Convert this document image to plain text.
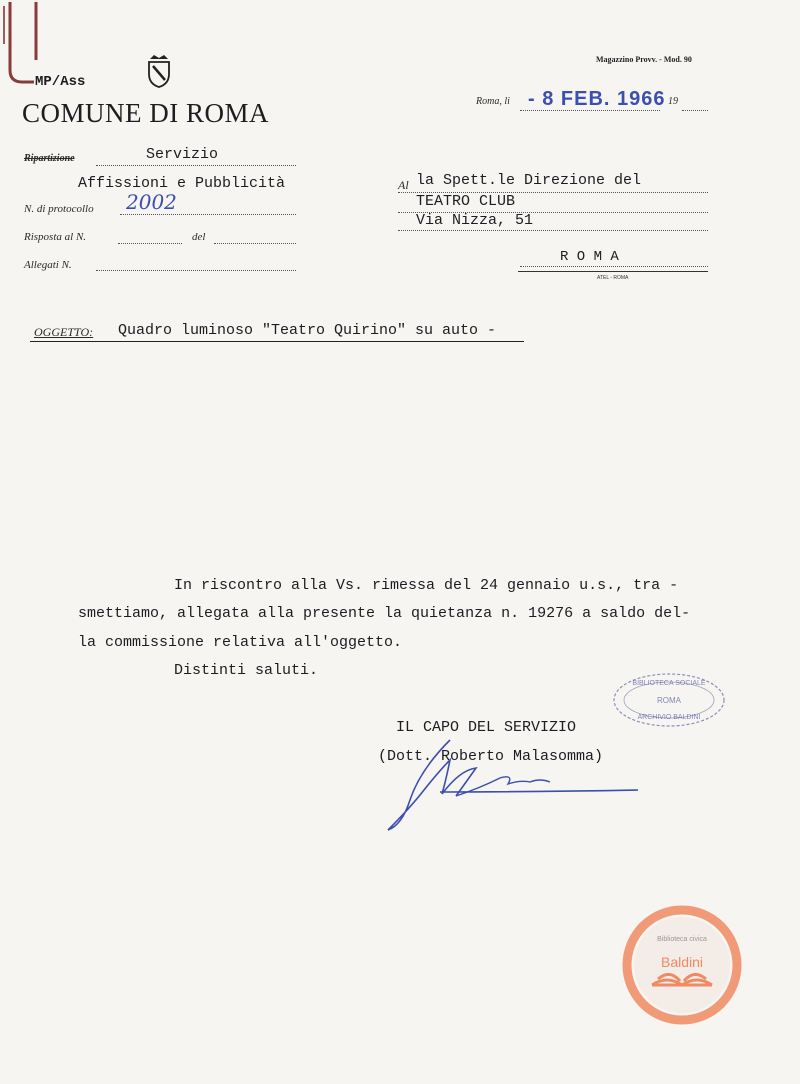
MP/Ass
COMUNE DI ROMA
Magazzino Provv. - Mod. 90
Roma, li - 8 FEB. 1966 19
Ripartizione	Servizio
Affissioni e Pubblicità
N. di protocollo 2002
Risposta al N.	del
Allegati N.
Al la Spett.le Direzione del
TEATRO CLUB
Via Nizza, 51
R O M A
ATEL - ROMA
OGGETTO: Quadro luminoso "Teatro Quirino" su auto -
In riscontro alla Vs. rimessa del 24 gennaio u.s., tra -
smettiamo, allegata alla presente la quietanza n. 19276 a saldo del-
la commissione relativa all'oggetto.
Distinti saluti.
BIBLIOTECA SOCIALE
ROMA
ARCHIVIO BALDINI
IL CAPO DEL SERVIZIO
(Dott. Roberto Malasomma)
Biblioteca civica
Baldini
